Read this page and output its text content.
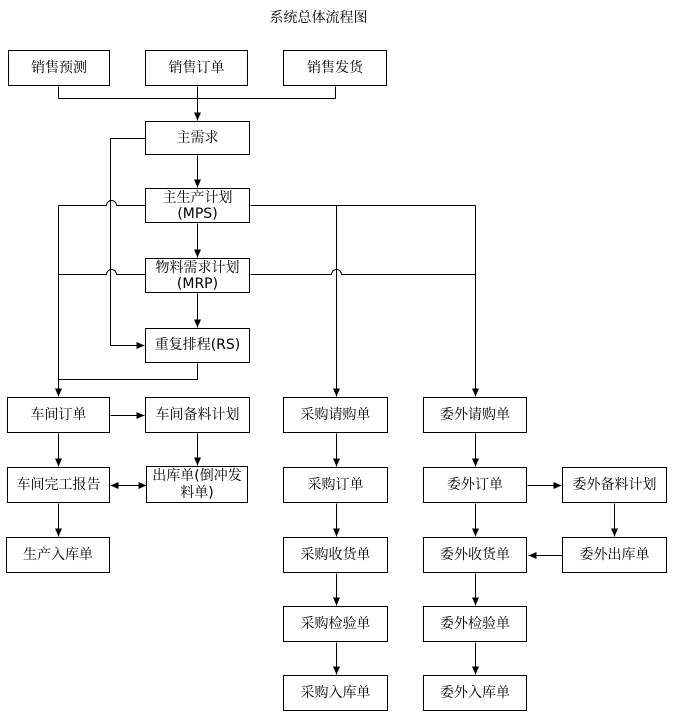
系统总体流程图
销售预测	销售订单	销售发货
主需求
主生产计划
(MPS)
物料需求计划
(MRP)
重复排程(RS)
车间订单	车间备料计划	采购请购单	委外请购单
车间完工报告
出库单(倒冲发料单)	采购订单	委外订单	委外备料计划
生产入库单	采购收货单	委外收货单	委外出库单
采购检验单	委外检验单
采购入库单	委外入库单
